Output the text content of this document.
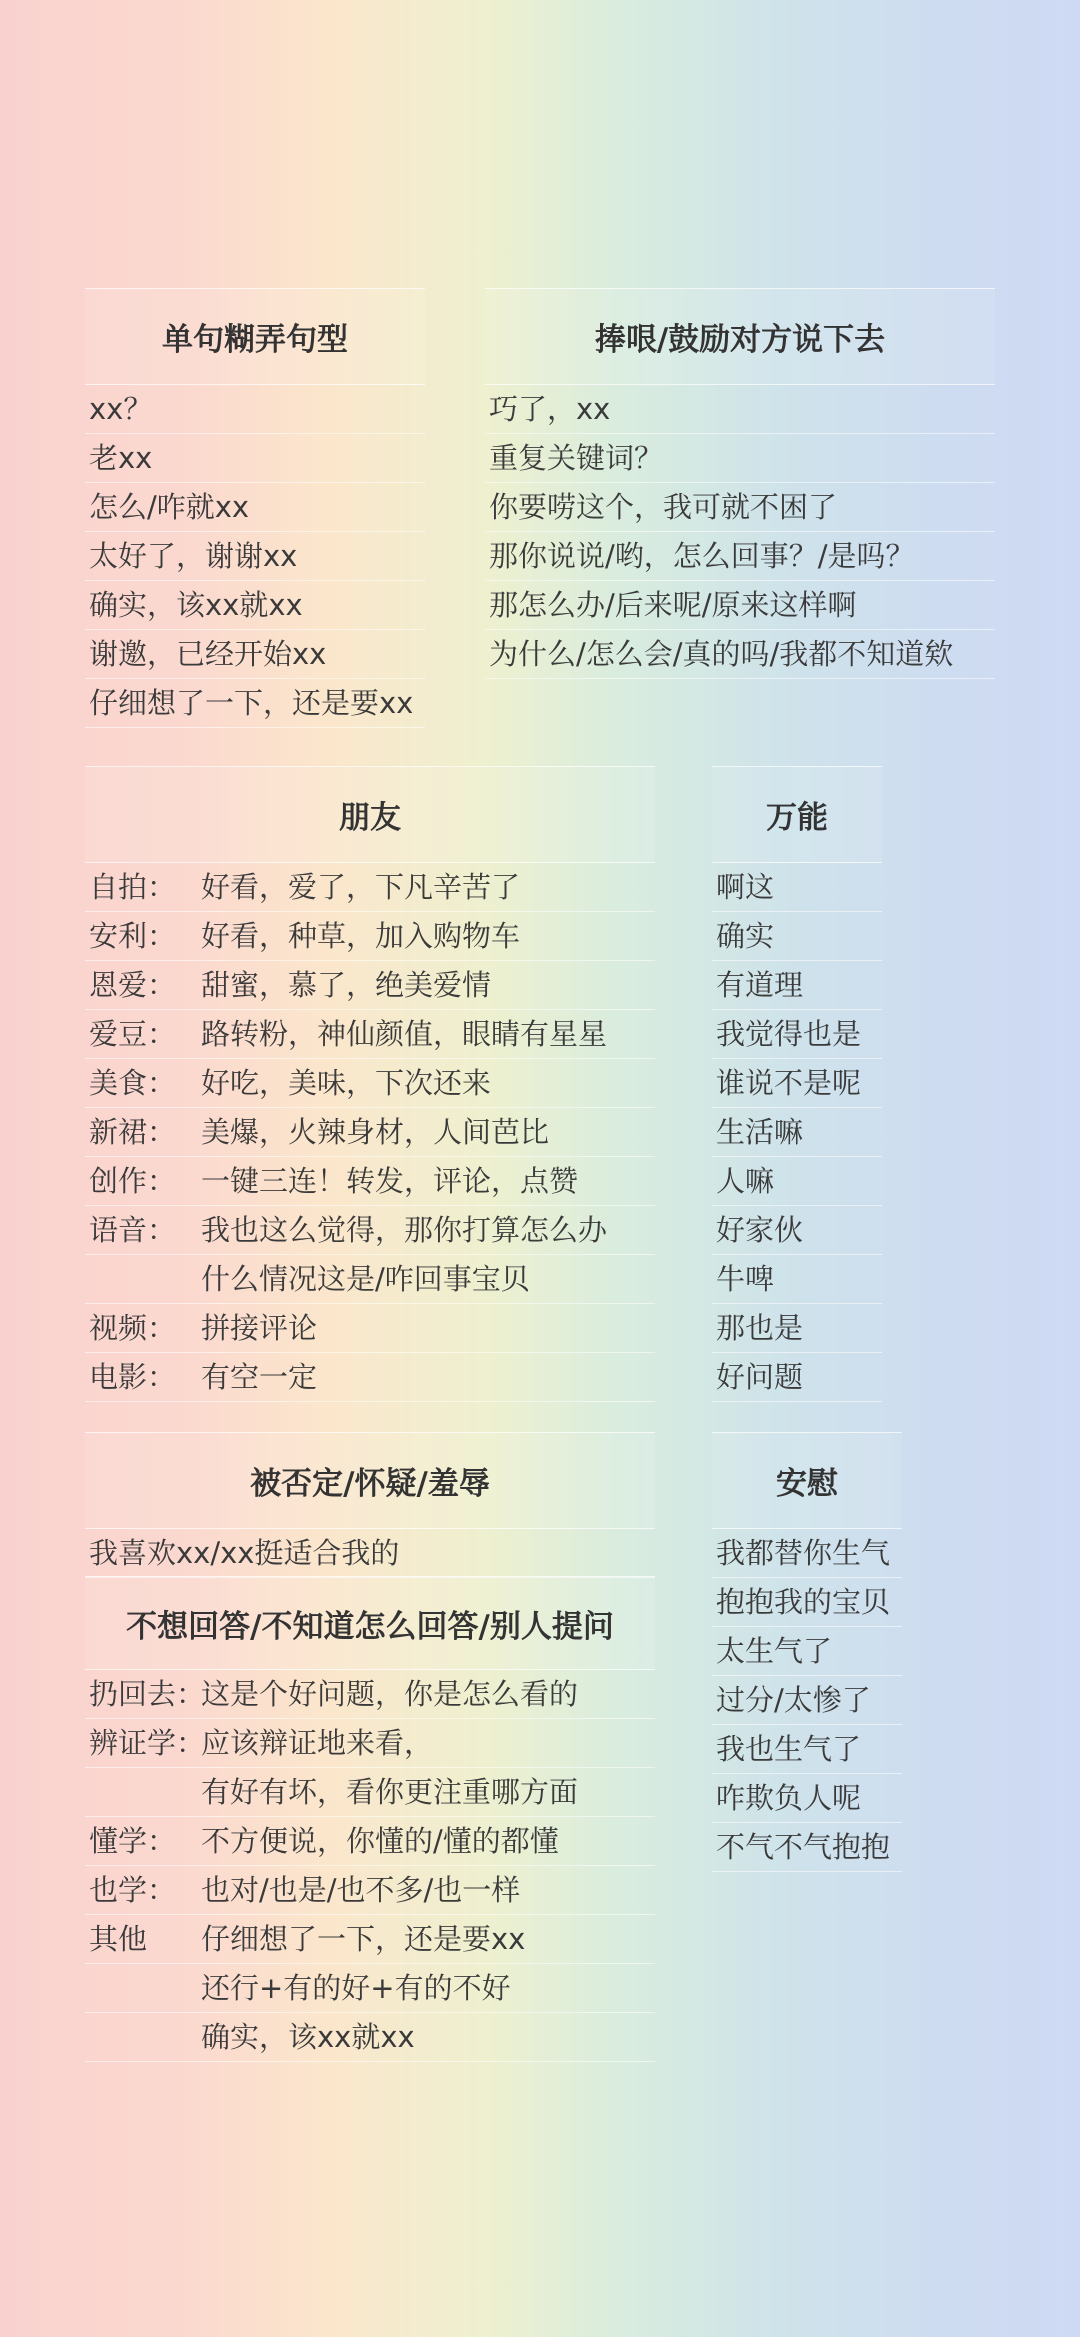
单句糊弄句型
xx？
老xx
怎么/咋就xx
太好了，谢谢xx
确实，该xx就xx
谢邀，已经开始xx
仔细想了一下，还是要xx
捧哏/鼓励对方说下去
巧了，xx
重复关键词？
你要唠这个，我可就不困了
那你说说/哟，怎么回事？/是吗？
那怎么办/后来呢/原来这样啊
为什么/怎么会/真的吗/我都不知道欸
朋友
自拍： 好看，爱了，下凡辛苦了
安利： 好看，种草，加入购物车
恩爱： 甜蜜，慕了，绝美爱情
爱豆： 路转粉，神仙颜值，眼睛有星星
美食： 好吃，美味，下次还来
新裙： 美爆，火辣身材，人间芭比
创作： 一键三连！转发，评论，点赞
语音： 我也这么觉得，那你打算怎么办
什么情况这是/咋回事宝贝
视频： 拼接评论
电影： 有空一定
万能
啊这
确实
有道理
我觉得也是
谁说不是呢
生活嘛
人嘛
好家伙
牛啤
那也是
好问题
被否定/怀疑/羞辱
我喜欢xx/xx挺适合我的
不想回答/不知道怎么回答/别人提问
扔回去：这是个好问题，你是怎么看的
辨证学：应该辩证地来看，
有好有坏，看你更注重哪方面
懂学： 不方便说，你懂的/懂的都懂
也学： 也对/也是/也不多/也一样
其他 仔细想了一下，还是要xx
还行+有的好+有的不好
确实，该xx就xx
安慰
我都替你生气
抱抱我的宝贝
太生气了
过分/太惨了
我也生气了
咋欺负人呢
不气不气抱抱
